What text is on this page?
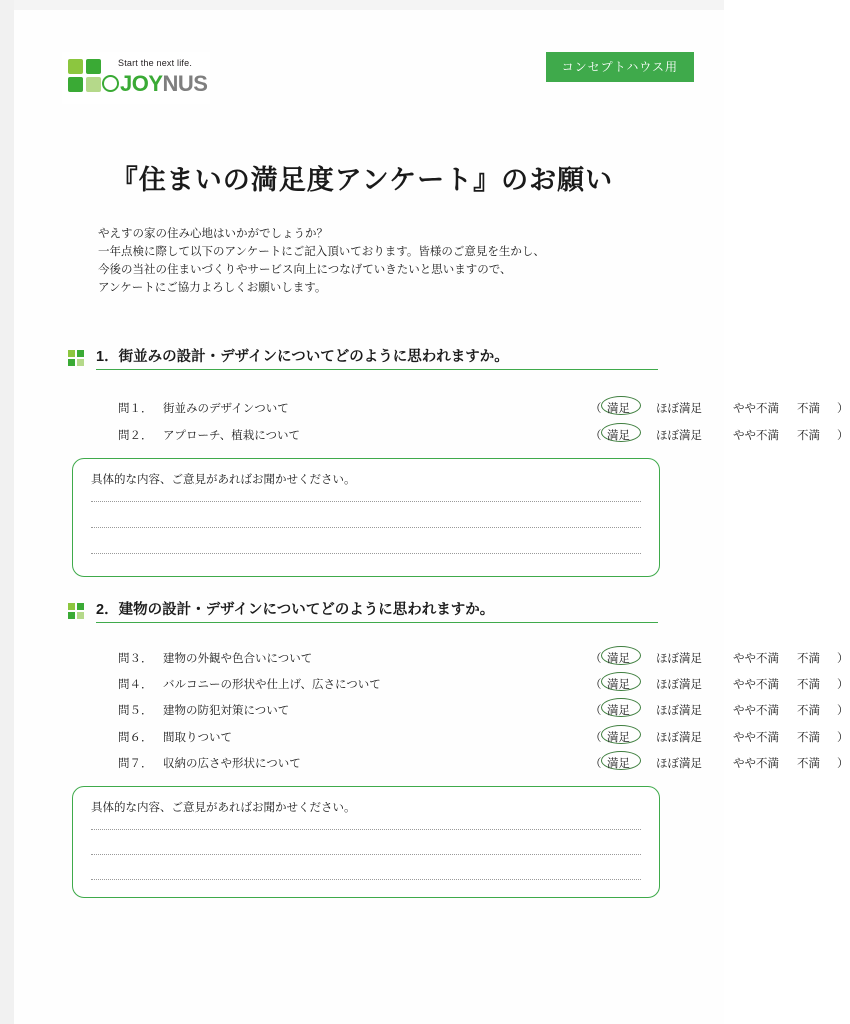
Start the next life.
JOYNUS
コンセプトハウス用
『住まいの満足度アンケート』のお願い
やえすの家の住み心地はいかがでしょうか？
一年点検に際して以下のアンケートにご記入頂いております。皆様のご意見を生かし、
今後の当社の住まいづくりやサービス向上につなげていきたいと思いますので、
アンケートにご協力よろしくお願いします。
1．街並みの設計・デザインについてどのように思われますか。
問１． 街並みのデザインついて	（ 満足 ほぼ満足	やや不満 不満 ）
問２． アプローチ、植栽について	（ 満足 ほぼ満足	やや不満 不満 ）
具体的な内容、ご意見があればお聞かせください。
2．建物の設計・デザインについてどのように思われますか。
問３． 建物の外観や色合いについて	（ 満足 ほぼ満足	やや不満 不満 ）
問４． バルコニーの形状や仕上げ、広さについて	（ 満足 ほぼ満足	やや不満 不満 ）
問５． 建物の防犯対策について	（ 満足 ほぼ満足	やや不満 不満 ）
問６． 間取りついて	（ 満足 ほぼ満足	やや不満 不満 ）
問７． 収納の広さや形状について	（ 満足 ほぼ満足	やや不満 不満 ）
具体的な内容、ご意見があればお聞かせください。
